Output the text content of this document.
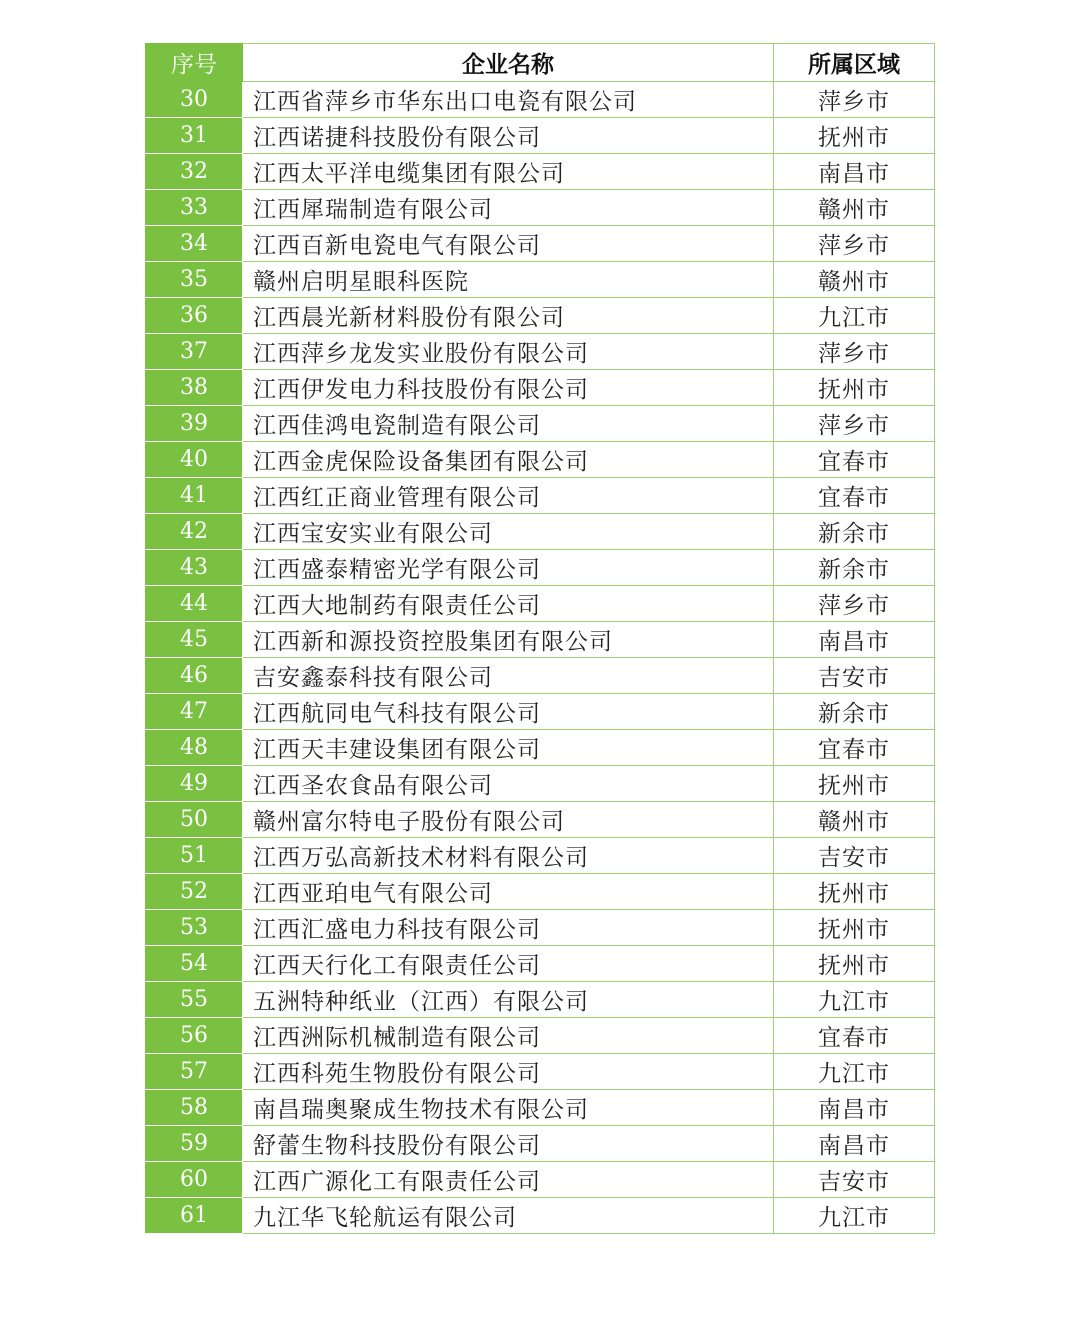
序号	企业名称	所属区域
30	江西省萍乡市华东出口电瓷有限公司	萍乡市
31	江西诺捷科技股份有限公司	抚州市
32	江西太平洋电缆集团有限公司	南昌市
33	江西犀瑞制造有限公司	赣州市
34	江西百新电瓷电气有限公司	萍乡市
35	赣州启明星眼科医院	赣州市
36	江西晨光新材料股份有限公司	九江市
37	江西萍乡龙发实业股份有限公司	萍乡市
38	江西伊发电力科技股份有限公司	抚州市
39	江西佳鸿电瓷制造有限公司	萍乡市
40	江西金虎保险设备集团有限公司	宜春市
41	江西红正商业管理有限公司	宜春市
42	江西宝安实业有限公司	新余市
43	江西盛泰精密光学有限公司	新余市
44	江西大地制药有限责任公司	萍乡市
45	江西新和源投资控股集团有限公司	南昌市
46	吉安鑫泰科技有限公司	吉安市
47	江西航同电气科技有限公司	新余市
48	江西天丰建设集团有限公司	宜春市
49	江西圣农食品有限公司	抚州市
50	赣州富尔特电子股份有限公司	赣州市
51	江西万弘高新技术材料有限公司	吉安市
52	江西亚珀电气有限公司	抚州市
53	江西汇盛电力科技有限公司	抚州市
54	江西天行化工有限责任公司	抚州市
55	五洲特种纸业（江西）有限公司	九江市
56	江西洲际机械制造有限公司	宜春市
57	江西科苑生物股份有限公司	九江市
58	南昌瑞奥聚成生物技术有限公司	南昌市
59	舒蕾生物科技股份有限公司	南昌市
60	江西广源化工有限责任公司	吉安市
61	九江华飞轮航运有限公司	九江市
